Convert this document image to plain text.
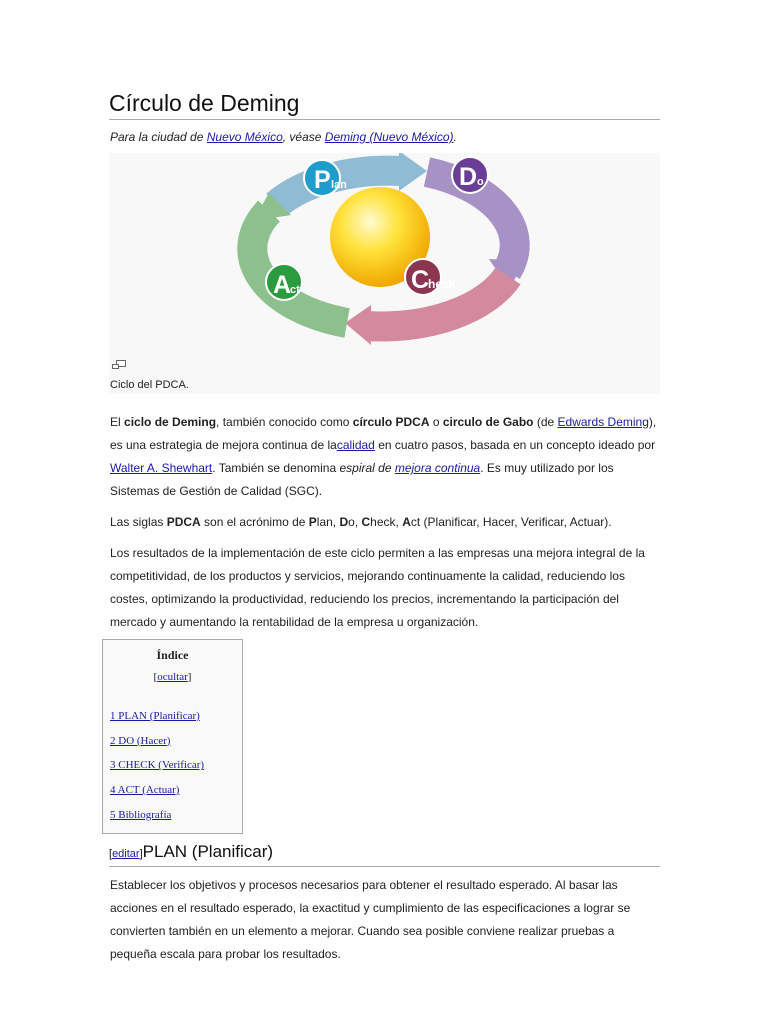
Círculo de Deming
Para la ciudad de Nuevo México, véase Deming (Nuevo México).
P lan	D o
C
heck
A
ct
Ciclo del PDCA.

El ciclo de Deming, también conocido como círculo PDCA o circulo de Gabo (de Edwards Deming), es una estrategia de mejora continua de lacalidad en cuatro pasos, basada en un concepto ideado por Walter A. Shewhart. También se denomina espiral de mejora continua. Es muy utilizado por los Sistemas de Gestión de Calidad (SGC).

Las siglas PDCA son el acrónimo de Plan, Do, Check, Act (Planificar, Hacer, Verificar, Actuar).

Los resultados de la implementación de este ciclo permiten a las empresas una mejora integral de la competitividad, de los productos y servicios, mejorando continuamente la calidad, reduciendo los costes, optimizando la productividad, reduciendo los precios, incrementando la participación del mercado y aumentando la rentabilidad de la empresa u organización.

Índice
[ocultar]
1 PLAN (Planificar)
2 DO (Hacer)
3 CHECK (Verificar)
4 ACT (Actuar)
5 Bibliografía
[editar]PLAN (Planificar)

Establecer los objetivos y procesos necesarios para obtener el resultado esperado. Al basar las acciones en el resultado esperado, la exactitud y cumplimiento de las especificaciones a lograr se convierten también en un elemento a mejorar. Cuando sea posible conviene realizar pruebas a pequeña escala para probar los resultados.
